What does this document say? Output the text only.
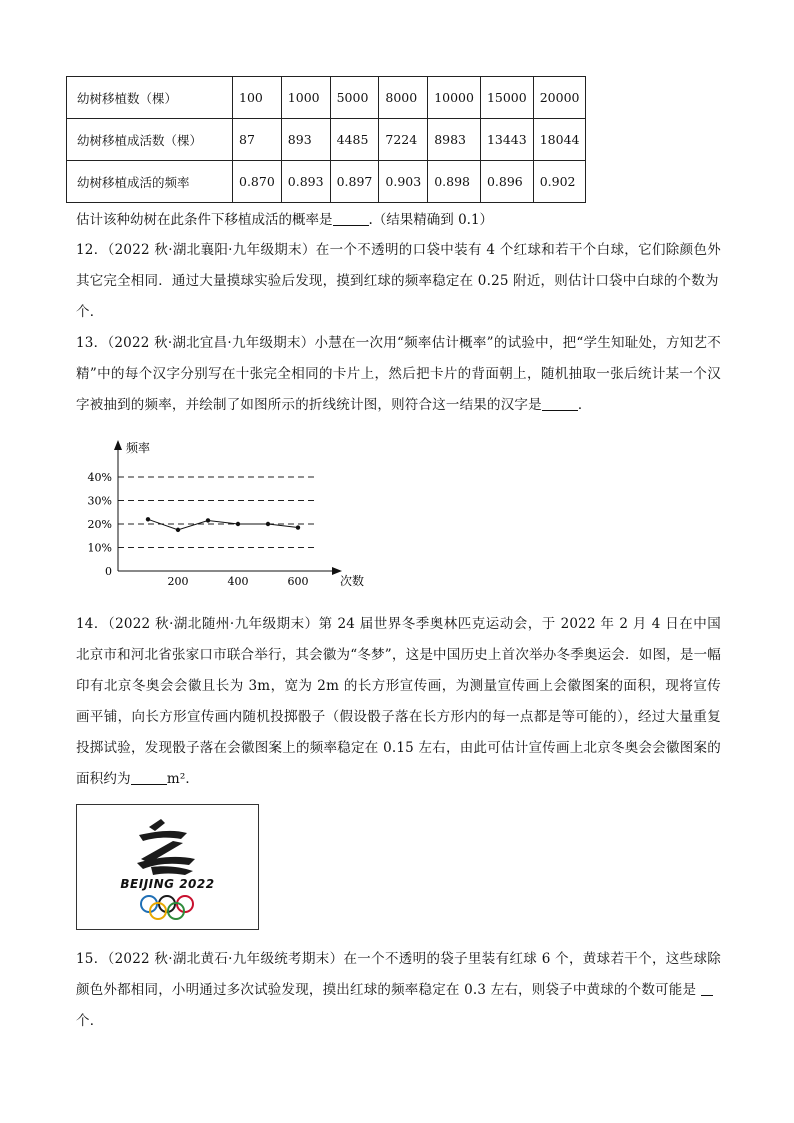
幼树移植数（棵）	100	1000	5000	8000	10000	15000	20000
幼树移植成活数（棵）	87	893	4485	7224	8983	13443	18044
幼树移植成活的频率	0.870	0.893	0.897	0.903	0.898	0.896	0.902
估计该种幼树在此条件下移植成活的概率是	.（结果精确到 0.1）
12．（2022 秋·湖北襄阳·九年级期末）在一个不透明的口袋中装有 4 个红球和若干个白球，它们除颜色外其它完全相同．通过大量摸球实验后发现，摸到红球的频率稳定在 0.25 附近，则估计口袋中白球的个数为
个．
13．（2022 秋·湖北宜昌·九年级期末）小慧在一次用“频率估计概率”的试验中，把“学生知耻处，方知艺不精”中的每个汉字分别写在十张完全相同的卡片上，然后把卡片的背面朝上，随机抽取一张后统计某一个汉字被抽到的频率，并绘制了如图所示的折线统计图，则符合这一结果的汉字是	．
0
10%
20%
30%
40%
200	400	600
频率
次数
14．（2022 秋·湖北随州·九年级期末）第 24 届世界冬季奥林匹克运动会，于 2022 年 2 月 4 日在中国北京市和河北省张家口市联合举行，其会徽为“冬梦”，这是中国历史上首次举办冬季奥运会．如图，是一幅印有北京冬奥会会徽且长为 3m，宽为 2m 的长方形宣传画，为测量宣传画上会徽图案的面积，现将宣传画平铺，向长方形宣传画内随机投掷骰子（假设骰子落在长方形内的每一点都是等可能的），经过大量重复投掷试验，发现骰子落在会徽图案上的频率稳定在 0.15 左右，由此可估计宣传画上北京冬奥会会徽图案的面积约为	m²．
BEIJING 2022
15．（2022 秋·湖北黄石·九年级统考期末）在一个不透明的袋子里装有红球 6 个，黄球若干个，这些球除颜色外都相同，小明通过多次试验发现，摸出红球的频率稳定在 0.3 左右，则袋子中黄球的个数可能是
个．
